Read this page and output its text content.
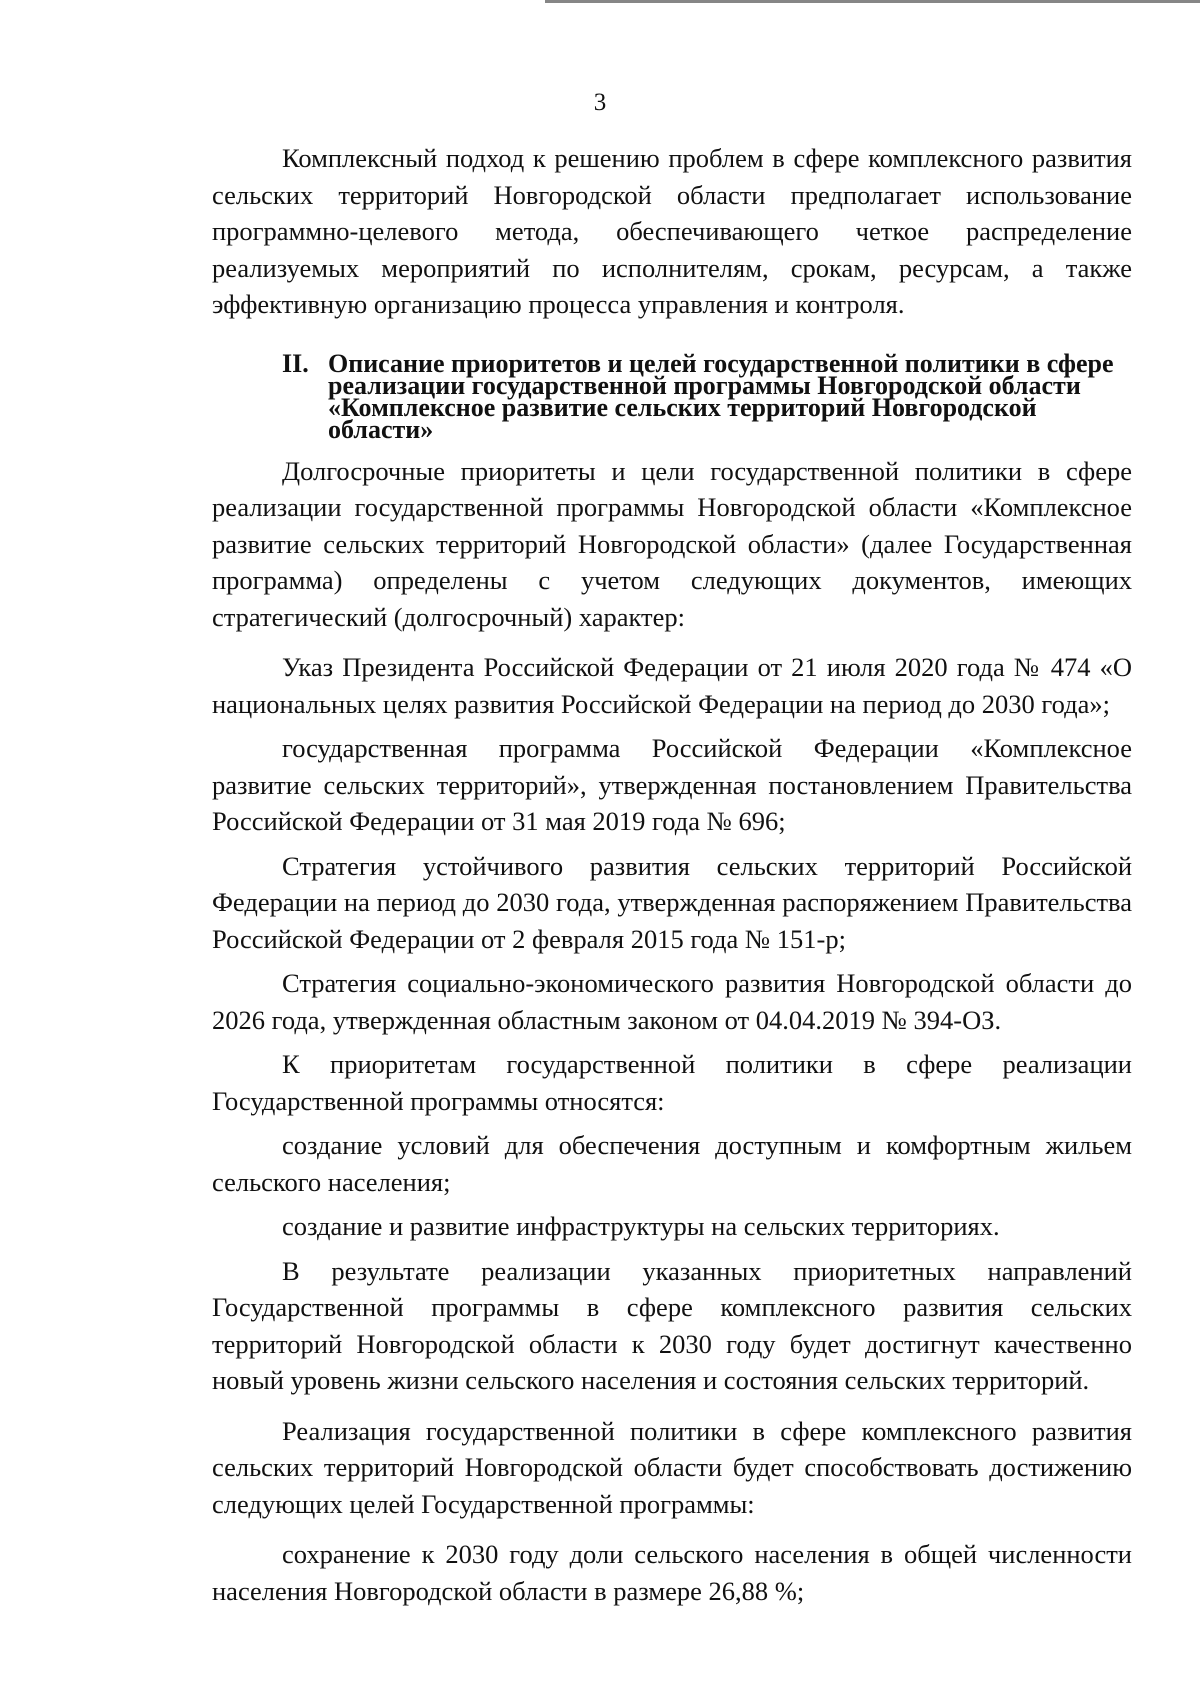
3

Комплексный подход к решению проблем в сфере комплексного развития сельских территорий Новгородской области предполагает использование программно-целевого метода, обеспечивающего четкое распределение реализуемых мероприятий по исполнителям, срокам, ресурсам, а также эффективную организацию процесса управления и контроля.

II. Описание приоритетов и целей государственной политики в сфере реализации государственной программы Новгородской области «Комплексное развитие сельских территорий Новгородской области»

Долгосрочные приоритеты и цели государственной политики в сфере реализации государственной программы Новгородской области «Комплексное развитие сельских территорий Новгородской области» (далее Государственная программа) определены с учетом следующих документов, имеющих стратегический (долгосрочный) характер:

Указ Президента Российской Федерации от 21 июля 2020 года № 474 «О национальных целях развития Российской Федерации на период до 2030 года»;

государственная программа Российской Федерации «Комплексное развитие сельских территорий», утвержденная постановлением Правительства Российской Федерации от 31 мая 2019 года № 696;

Стратегия устойчивого развития сельских территорий Российской Федерации на период до 2030 года, утвержденная распоряжением Правительства Российской Федерации от 2 февраля 2015 года № 151-р;

Стратегия социально-экономического развития Новгородской области до 2026 года, утвержденная областным законом от 04.04.2019 № 394-ОЗ.

К приоритетам государственной политики в сфере реализации Государственной программы относятся:

создание условий для обеспечения доступным и комфортным жильем сельского населения;

создание и развитие инфраструктуры на сельских территориях.

В результате реализации указанных приоритетных направлений Государственной программы в сфере комплексного развития сельских территорий Новгородской области к 2030 году будет достигнут качественно новый уровень жизни сельского населения и состояния сельских территорий.

Реализация государственной политики в сфере комплексного развития сельских территорий Новгородской области будет способствовать достижению следующих целей Государственной программы:

сохранение к 2030 году доли сельского населения в общей численности населения Новгородской области в размере 26,88 %;
